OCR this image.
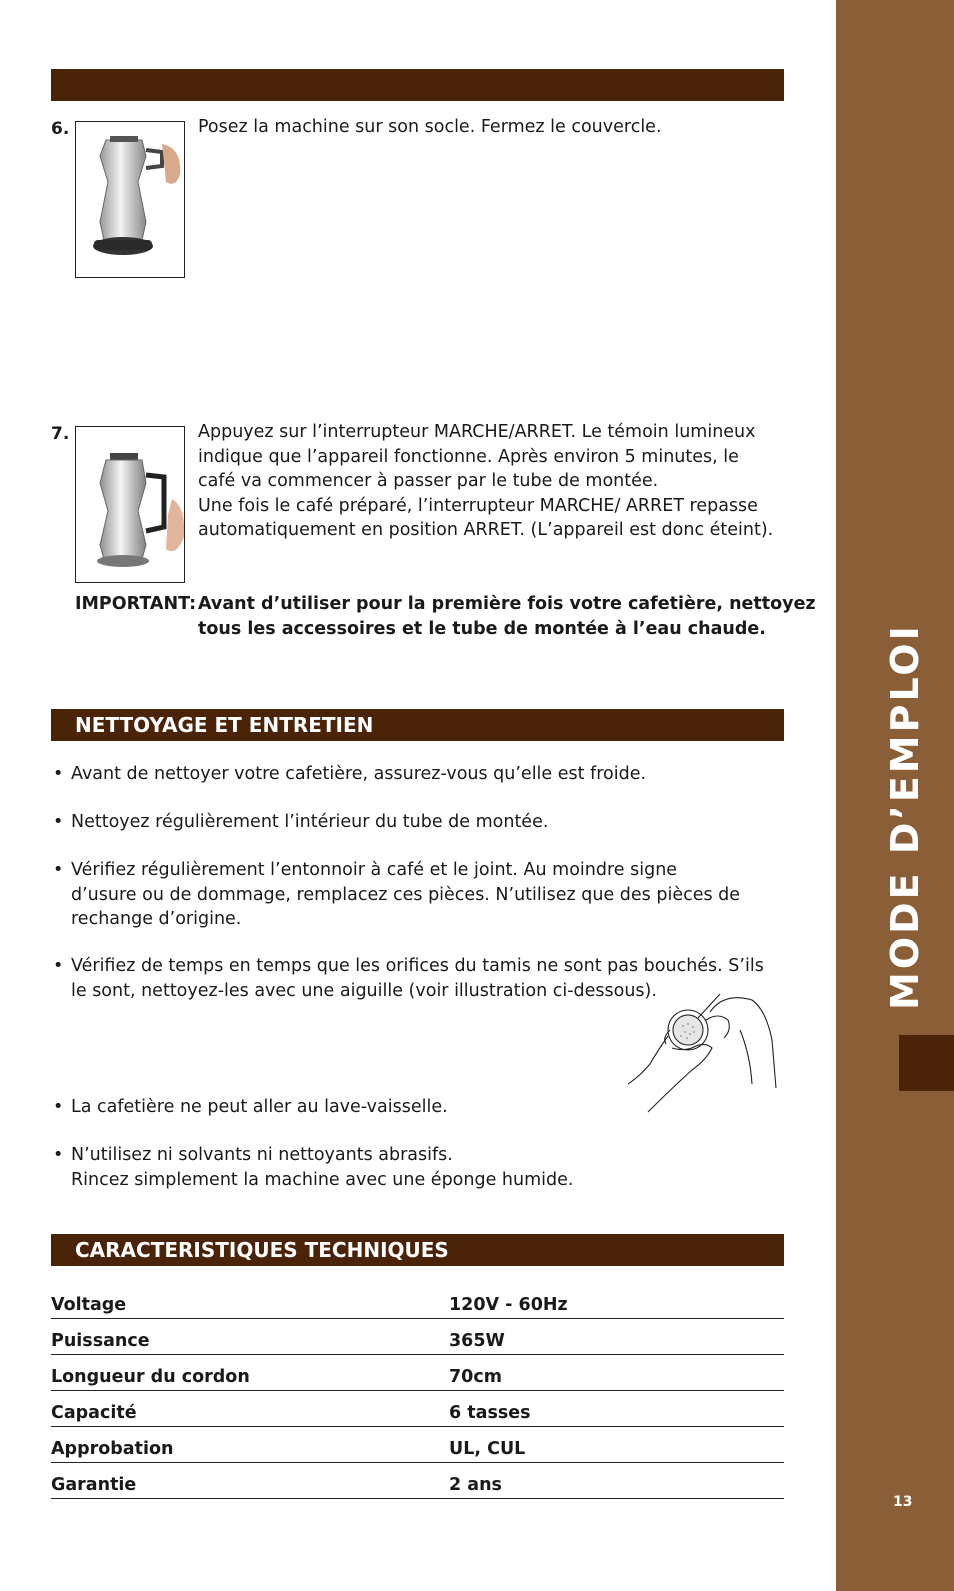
MODE D’EMPLOI
13
6.	Posez la machine sur son socle. Fermez le couvercle.
7.	Appuyez sur l’interrupteur MARCHE/ARRET. Le témoin lumineux
indique que l’appareil fonctionne. Après environ 5 minutes, le
café va commencer à passer par le tube de montée.
Une fois le café préparé, l’interrupteur MARCHE/ ARRET repasse
automatiquement en position ARRET. (L’appareil est donc éteint).
IMPORTANT: Avant d’utiliser pour la première fois votre cafetière, nettoyez
tous les accessoires et le tube de montée à l’eau chaude.
NETTOYAGE ET ENTRETIEN
• Avant de nettoyer votre cafetière, assurez-vous qu’elle est froide.
• Nettoyez régulièrement l’intérieur du tube de montée.
• Vérifiez régulièrement l’entonnoir à café et le joint. Au moindre signe
d’usure ou de dommage, remplacez ces pièces. N’utilisez que des pièces de
rechange d’origine.
• Vérifiez de temps en temps que les orifices du tamis ne sont pas bouchés. S’ils
le sont, nettoyez-les avec une aiguille (voir illustration ci-dessous).
• La cafetière ne peut aller au lave-vaisselle.
• N’utilisez ni solvants ni nettoyants abrasifs.
Rincez simplement la machine avec une éponge humide.
CARACTERISTIQUES TECHNIQUES
Voltage	120V - 60Hz
Puissance	365W
Longueur du cordon	70cm
Capacité	6 tasses
Approbation	UL, CUL
Garantie	2 ans
